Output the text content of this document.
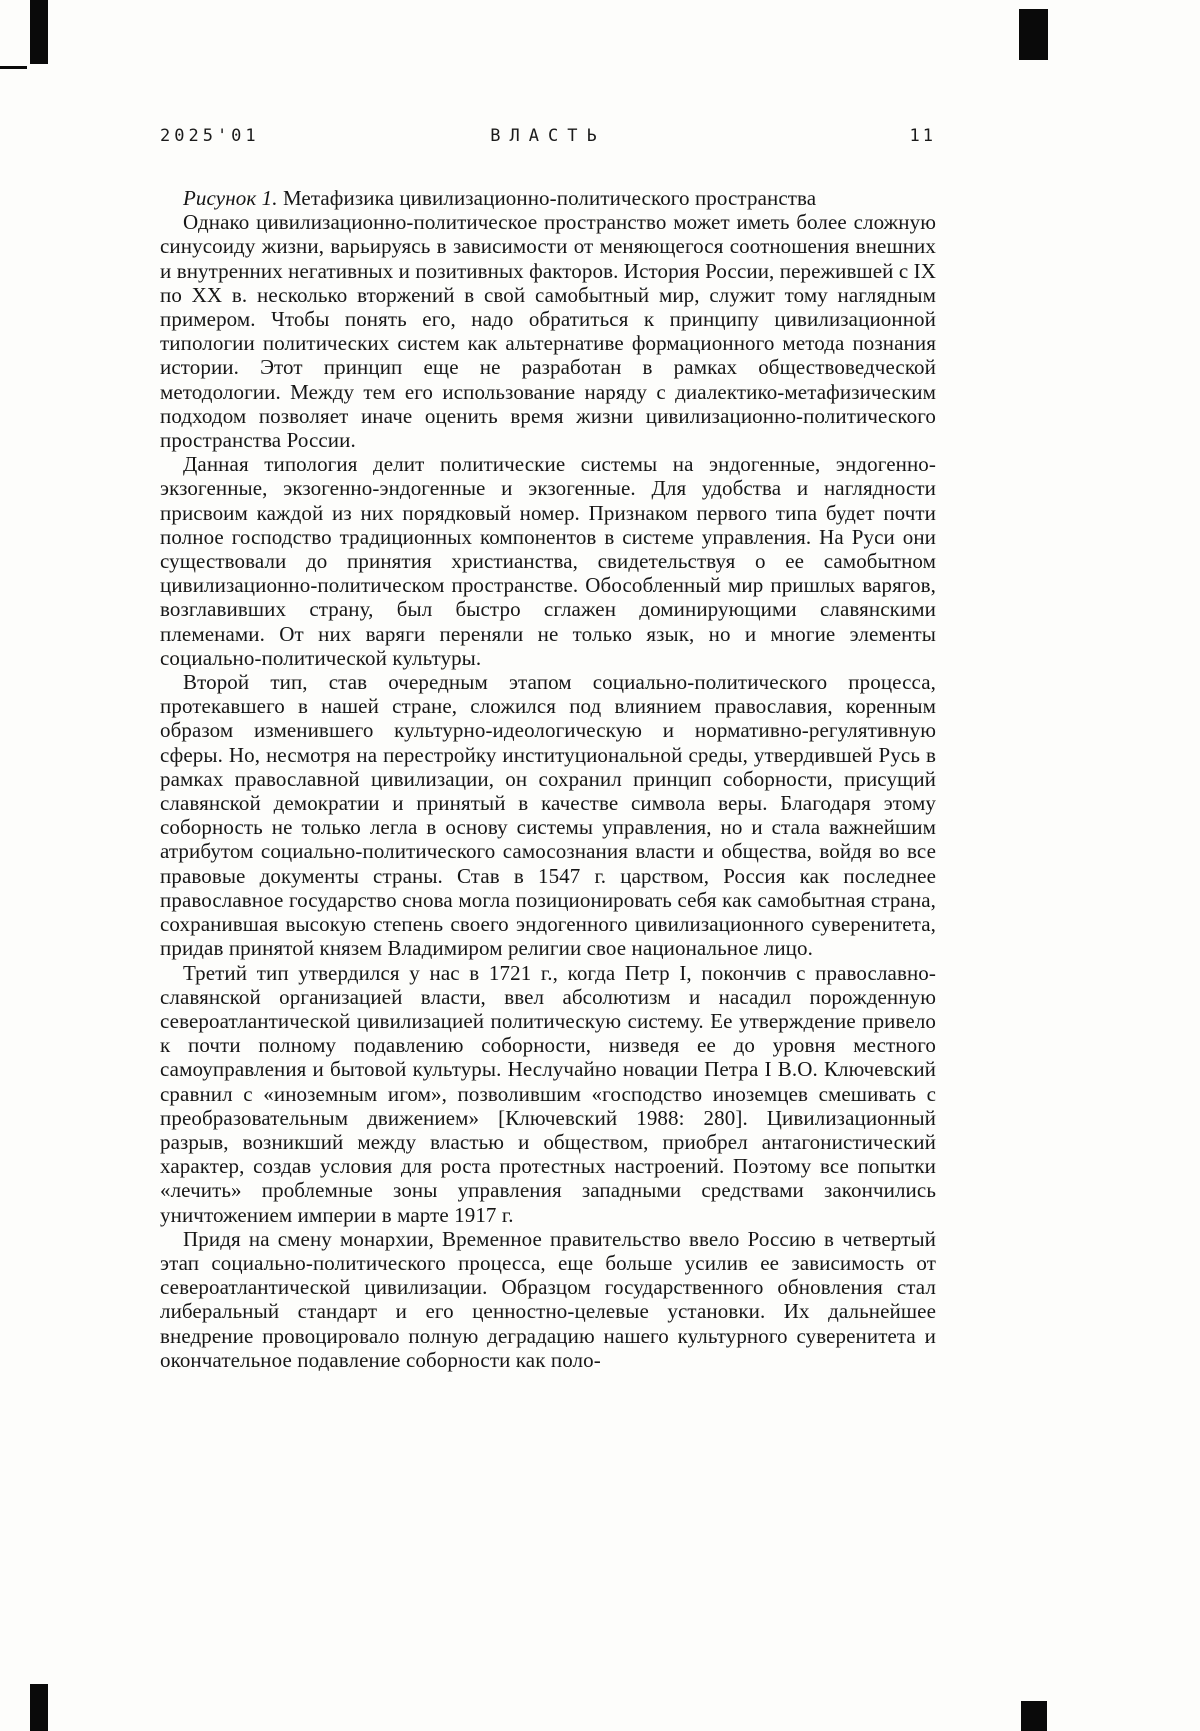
2025'01	ВЛАСТЬ	11

Рисунок 1. Метафизика цивилизационно-политического пространства

Однако цивилизационно-политическое пространство может иметь более сложную синусоиду жизни, варьируясь в зависимости от меняющегося соотношения внешних и внутренних негативных и позитивных факторов. История России, пережившей с IX по XX в. несколько вторжений в свой самобытный мир, служит тому наглядным примером. Чтобы понять его, надо обратиться к принципу цивилизационной типологии политических систем как альтернативе формационного метода познания истории. Этот принцип еще не разработан в рамках обществоведческой методологии. Между тем его использование наряду с диалектико-метафизическим подходом позволяет иначе оценить время жизни цивилизационно-политического пространства России.

Данная типология делит политические системы на эндогенные, эндогенно-экзогенные, экзогенно-эндогенные и экзогенные. Для удобства и наглядности присвоим каждой из них порядковый номер. Признаком первого типа будет почти полное господство традиционных компонентов в системе управления. На Руси они существовали до принятия христианства, свидетельствуя о ее самобытном цивилизационно-политическом пространстве. Обособленный мир пришлых варягов, возглавивших страну, был быстро сглажен доминирующими славянскими племенами. От них варяги переняли не только язык, но и многие элементы социально-политической культуры.

Второй тип, став очередным этапом социально-политического процесса, протекавшего в нашей стране, сложился под влиянием православия, коренным образом изменившего культурно-идеологическую и нормативно-регулятивную сферы. Но, несмотря на перестройку институциональной среды, утвердившей Русь в рамках православной цивилизации, он сохранил принцип соборности, присущий славянской демократии и принятый в качестве символа веры. Благодаря этому соборность не только легла в основу системы управления, но и стала важнейшим атрибутом социально-политического самосознания власти и общества, войдя во все правовые документы страны. Став в 1547 г. царством, Россия как последнее православное государство снова могла позиционировать себя как самобытная страна, сохранившая высокую степень своего эндогенного цивилизационного суверенитета, придав принятой князем Владимиром религии свое национальное лицо.

Третий тип утвердился у нас в 1721 г., когда Петр I, покончив с православно-славянской организацией власти, ввел абсолютизм и насадил порожденную североатлантической цивилизацией политическую систему. Ее утверждение привело к почти полному подавлению соборности, низведя ее до уровня местного самоуправления и бытовой культуры. Неслучайно новации Петра I В.О. Ключевский сравнил с «иноземным игом», позволившим «господство иноземцев смешивать с преобразовательным движением» [Ключевский 1988: 280]. Цивилизационный разрыв, возникший между властью и обществом, приобрел антагонистический характер, создав условия для роста протестных настроений. Поэтому все попытки «лечить» проблемные зоны управления западными средствами закончились уничтожением империи в марте 1917 г.

Придя на смену монархии, Временное правительство ввело Россию в четвертый этап социально-политического процесса, еще больше усилив ее зависимость от североатлантической цивилизации. Образцом государственного обновления стал либеральный стандарт и его ценностно-целевые установки. Их дальнейшее внедрение провоцировало полную деградацию нашего культурного суверенитета и окончательное подавление соборности как поло-
